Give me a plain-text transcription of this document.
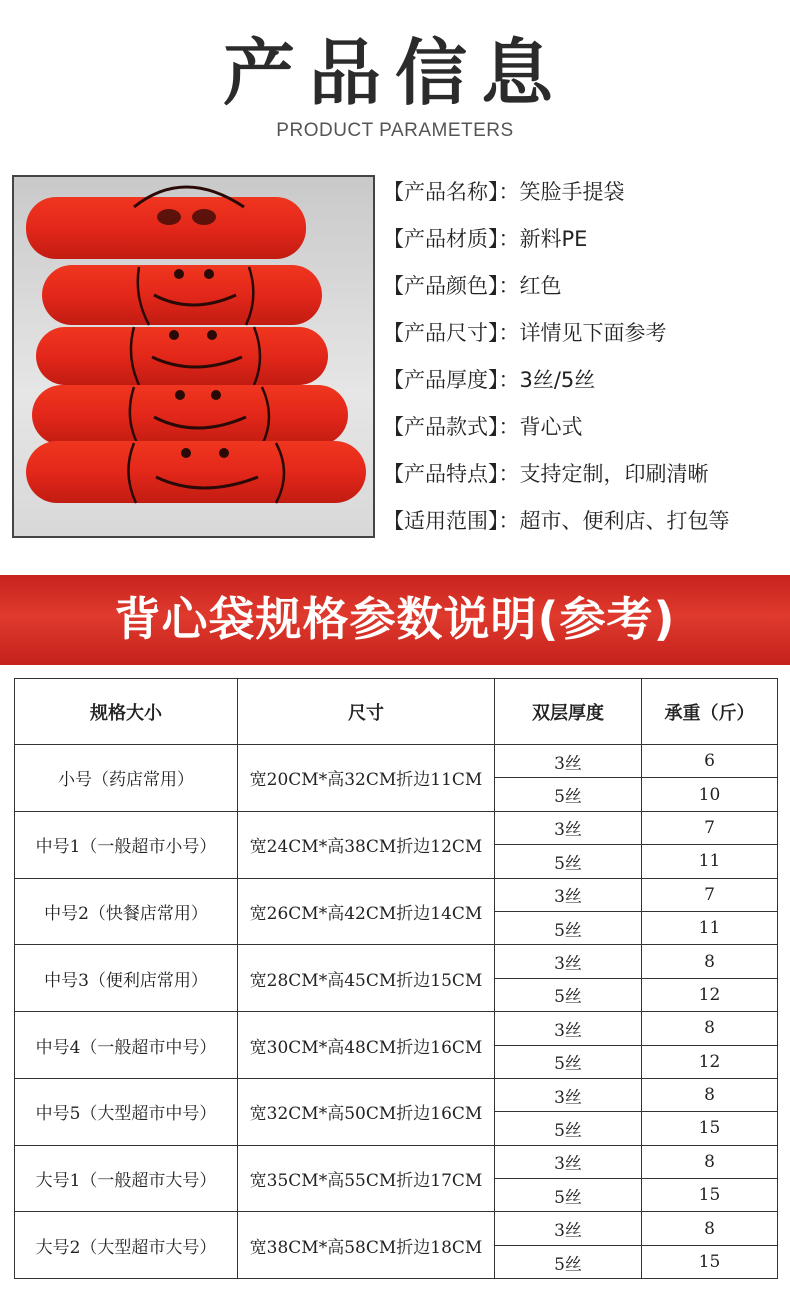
产品信息
PRODUCT PARAMETERS
【产品名称】：笑脸手提袋
【产品材质】：新料PE
【产品颜色】：红色
【产品尺寸】：详情见下面参考
【产品厚度】：3丝/5丝
【产品款式】：背心式
【产品特点】：支持定制，印刷清晰
【适用范围】：超市、便利店、打包等
背心袋规格参数说明(参考)
规格大小	尺寸	双层厚度	承重（斤）
小号（药店常用）	宽20CM*高32CM折边11CM	3丝	6
		5丝	10
中号1（一般超市小号）	宽24CM*高38CM折边12CM	3丝	7
		5丝	11
中号2（快餐店常用）	宽26CM*高42CM折边14CM	3丝	7
		5丝	11
中号3（便利店常用）	宽28CM*高45CM折边15CM	3丝	8
		5丝	12
中号4（一般超市中号）	宽30CM*高48CM折边16CM	3丝	8
		5丝	12
中号5（大型超市中号）	宽32CM*高50CM折边16CM	3丝	8
		5丝	15
大号1（一般超市大号）	宽35CM*高55CM折边17CM	3丝	8
		5丝	15
大号2（大型超市大号）	宽38CM*高58CM折边18CM	3丝	8
		5丝	15
